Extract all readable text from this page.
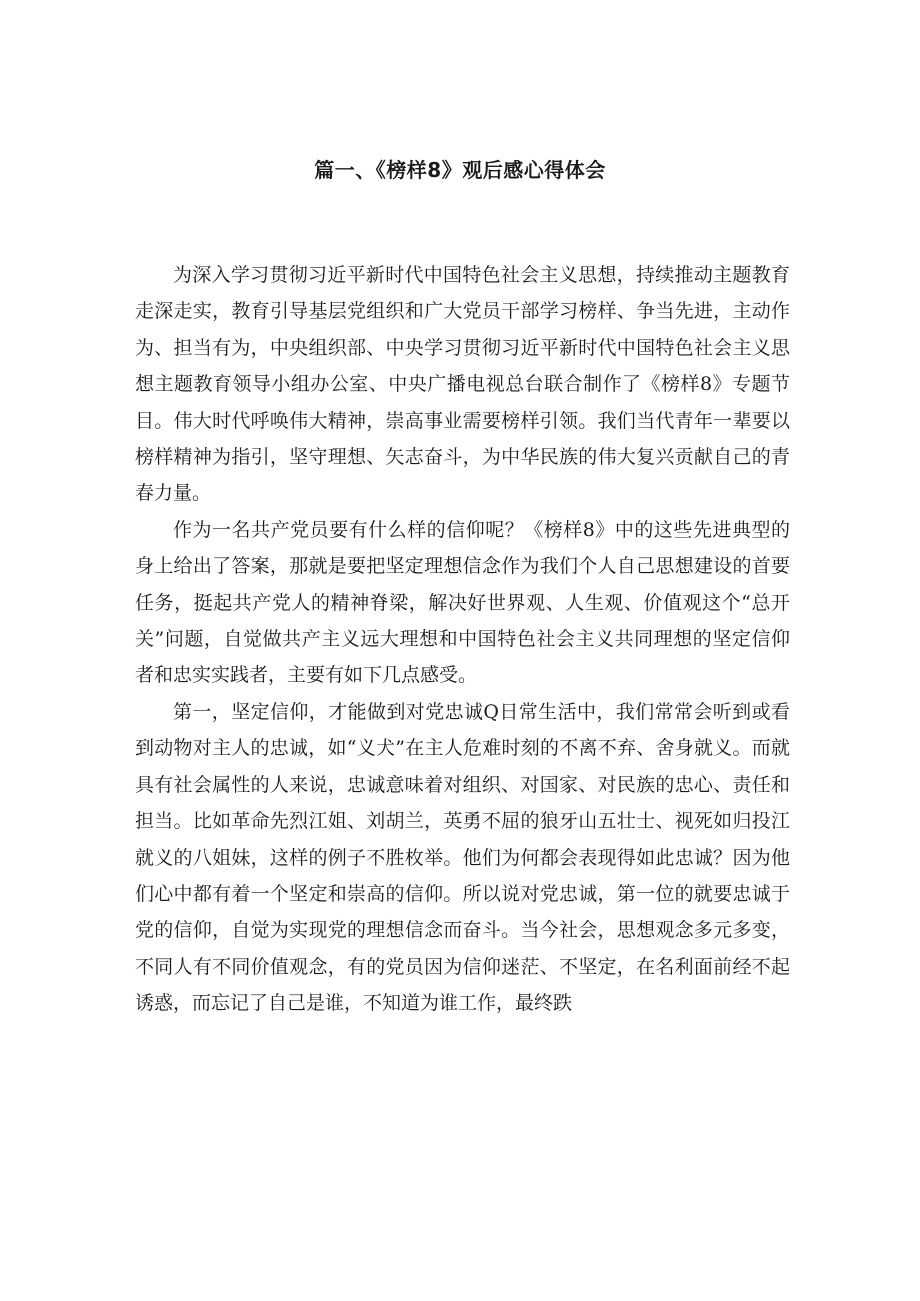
篇一、《榜样8》观后感心得体会

为深入学习贯彻习近平新时代中国特色社会主义思想，持续推动主题教育走深走实，教育引导基层党组织和广大党员干部学习榜样、争当先进，主动作为、担当有为，中央组织部、中央学习贯彻习近平新时代中国特色社会主义思想主题教育领导小组办公室、中央广播电视总台联合制作了《榜样8》专题节目。伟大时代呼唤伟大精神，崇高事业需要榜样引领。我们当代青年一辈要以榜样精神为指引，坚守理想、矢志奋斗，为中华民族的伟大复兴贡献自己的青春力量。

作为一名共产党员要有什么样的信仰呢？《榜样8》中的这些先进典型的身上给出了答案，那就是要把坚定理想信念作为我们个人自己思想建设的首要任务，挺起共产党人的精神脊梁，解决好世界观、人生观、价值观这个“总开关”问题，自觉做共产主义远大理想和中国特色社会主义共同理想的坚定信仰者和忠实实践者，主要有如下几点感受。

第一，坚定信仰，才能做到对党忠诚Q日常生活中，我们常常会听到或看到动物对主人的忠诚，如“义犬”在主人危难时刻的不离不弃、舍身就义。而就具有社会属性的人来说，忠诚意味着对组织、对国家、对民族的忠心、责任和担当。比如革命先烈江姐、刘胡兰，英勇不屈的狼牙山五壮士、视死如归投江就义的八姐妹，这样的例子不胜枚举。他们为何都会表现得如此忠诚？因为他们心中都有着一个坚定和崇高的信仰。所以说对党忠诚，第一位的就要忠诚于党的信仰，自觉为实现党的理想信念而奋斗。当今社会，思想观念多元多变，不同人有不同价值观念，有的党员因为信仰迷茫、不坚定，在名利面前经不起诱惑，而忘记了自己是谁，不知道为谁工作，最终跌
